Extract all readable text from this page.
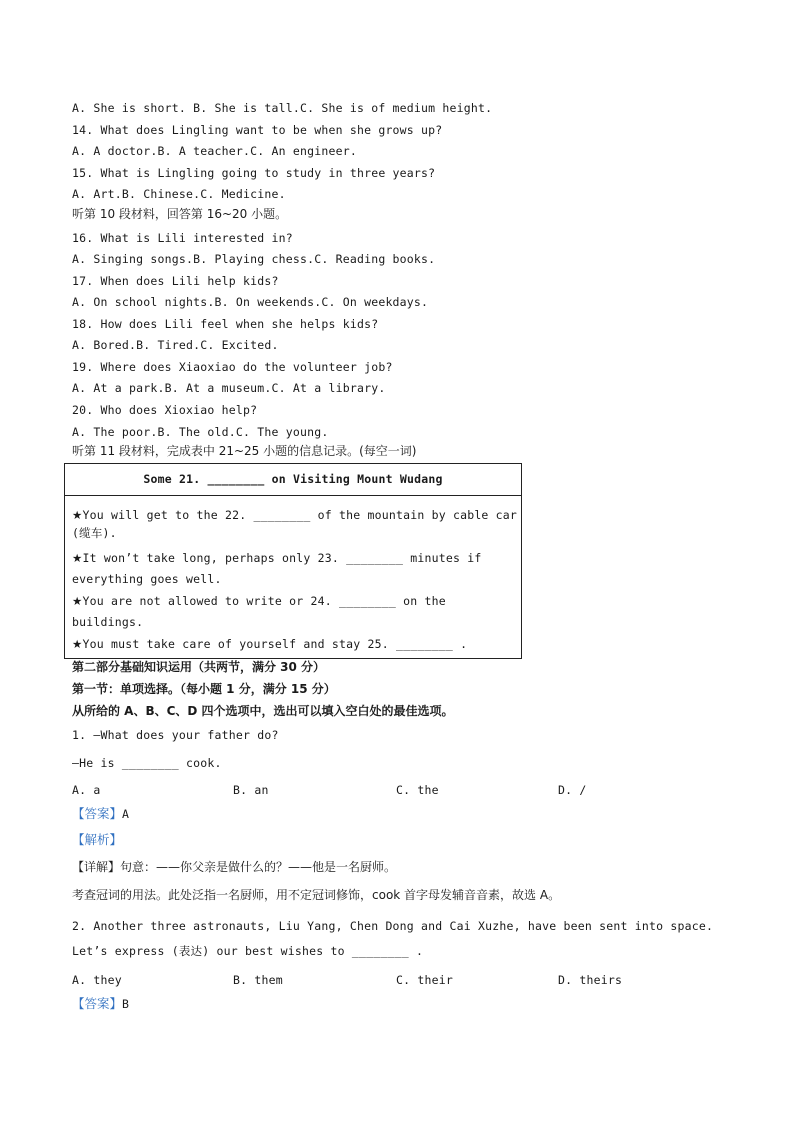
A. She is short. B. She is tall.C. She is of medium height.
14. What does Lingling want to be when she grows up?
A. A doctor.B. A teacher.C. An engineer.
15. What is Lingling going to study in three years?
A. Art.B. Chinese.C. Medicine.
听第 10 段材料，回答第 16~20 小题。
16. What is Lili interested in?
A. Singing songs.B. Playing chess.C. Reading books.
17. When does Lili help kids?
A. On school nights.B. On weekends.C. On weekdays.
18. How does Lili feel when she helps kids?
A. Bored.B. Tired.C. Excited.
19. Where does Xiaoxiao do the volunteer job?
A. At a park.B. At a museum.C. At a library.
20. Who does Xioxiao help?
A. The poor.B. The old.C. The young.
听第 11 段材料，完成表中 21~25 小题的信息记录。(每空一词)
Some 21. ________ on Visiting Mount Wudang
★You will get to the 22. ________ of the mountain by cable car
(缆车).
★It won’t take long, perhaps only 23. ________ minutes if
everything goes well.
★You are not allowed to write or 24. ________ on the
buildings.
★You must take care of yourself and stay 25. ________ .
第二部分基础知识运用（共两节，满分 30 分）
第一节：单项选择。（每小题 1 分，满分 15 分）
从所给的 A、B、C、D 四个选项中，选出可以填入空白处的最佳选项。
1. —What does your father do?
—He is ________ cook.
A. a	B. an	C. the	D. /
【答案】A
【解析】
【详解】句意：——你父亲是做什么的？——他是一名厨师。
考查冠词的用法。此处泛指一名厨师，用不定冠词修饰，cook 首字母发辅音音素，故选 A。
2. Another three astronauts, Liu Yang, Chen Dong and Cai Xuzhe, have been sent into space.
Let’s express (表达) our best wishes to ________ .
A. they	B. them	C. their	D. theirs
【答案】B
